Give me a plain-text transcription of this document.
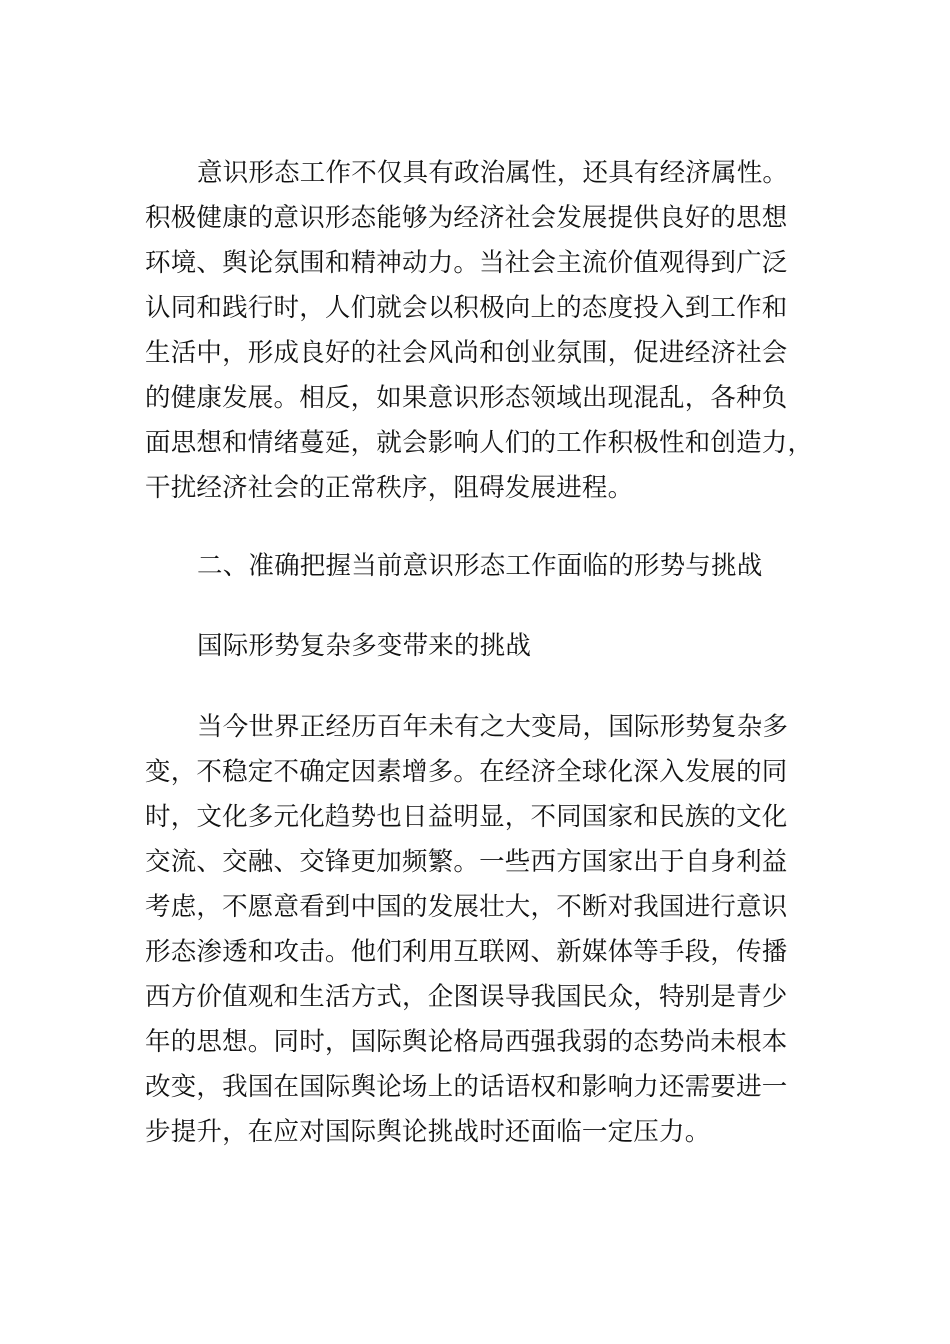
意识形态工作不仅具有政治属性，还具有经济属性。
积极健康的意识形态能够为经济社会发展提供良好的思想
环境、舆论氛围和精神动力。当社会主流价值观得到广泛
认同和践行时，人们就会以积极向上的态度投入到工作和
生活中，形成良好的社会风尚和创业氛围，促进经济社会
的健康发展。相反，如果意识形态领域出现混乱，各种负
面思想和情绪蔓延，就会影响人们的工作积极性和创造力，
干扰经济社会的正常秩序，阻碍发展进程。
二、准确把握当前意识形态工作面临的形势与挑战
国际形势复杂多变带来的挑战
当今世界正经历百年未有之大变局，国际形势复杂多
变，不稳定不确定因素增多。在经济全球化深入发展的同
时，文化多元化趋势也日益明显，不同国家和民族的文化
交流、交融、交锋更加频繁。一些西方国家出于自身利益
考虑，不愿意看到中国的发展壮大，不断对我国进行意识
形态渗透和攻击。他们利用互联网、新媒体等手段，传播
西方价值观和生活方式，企图误导我国民众，特别是青少
年的思想。同时，国际舆论格局西强我弱的态势尚未根本
改变，我国在国际舆论场上的话语权和影响力还需要进一
步提升，在应对国际舆论挑战时还面临一定压力。
